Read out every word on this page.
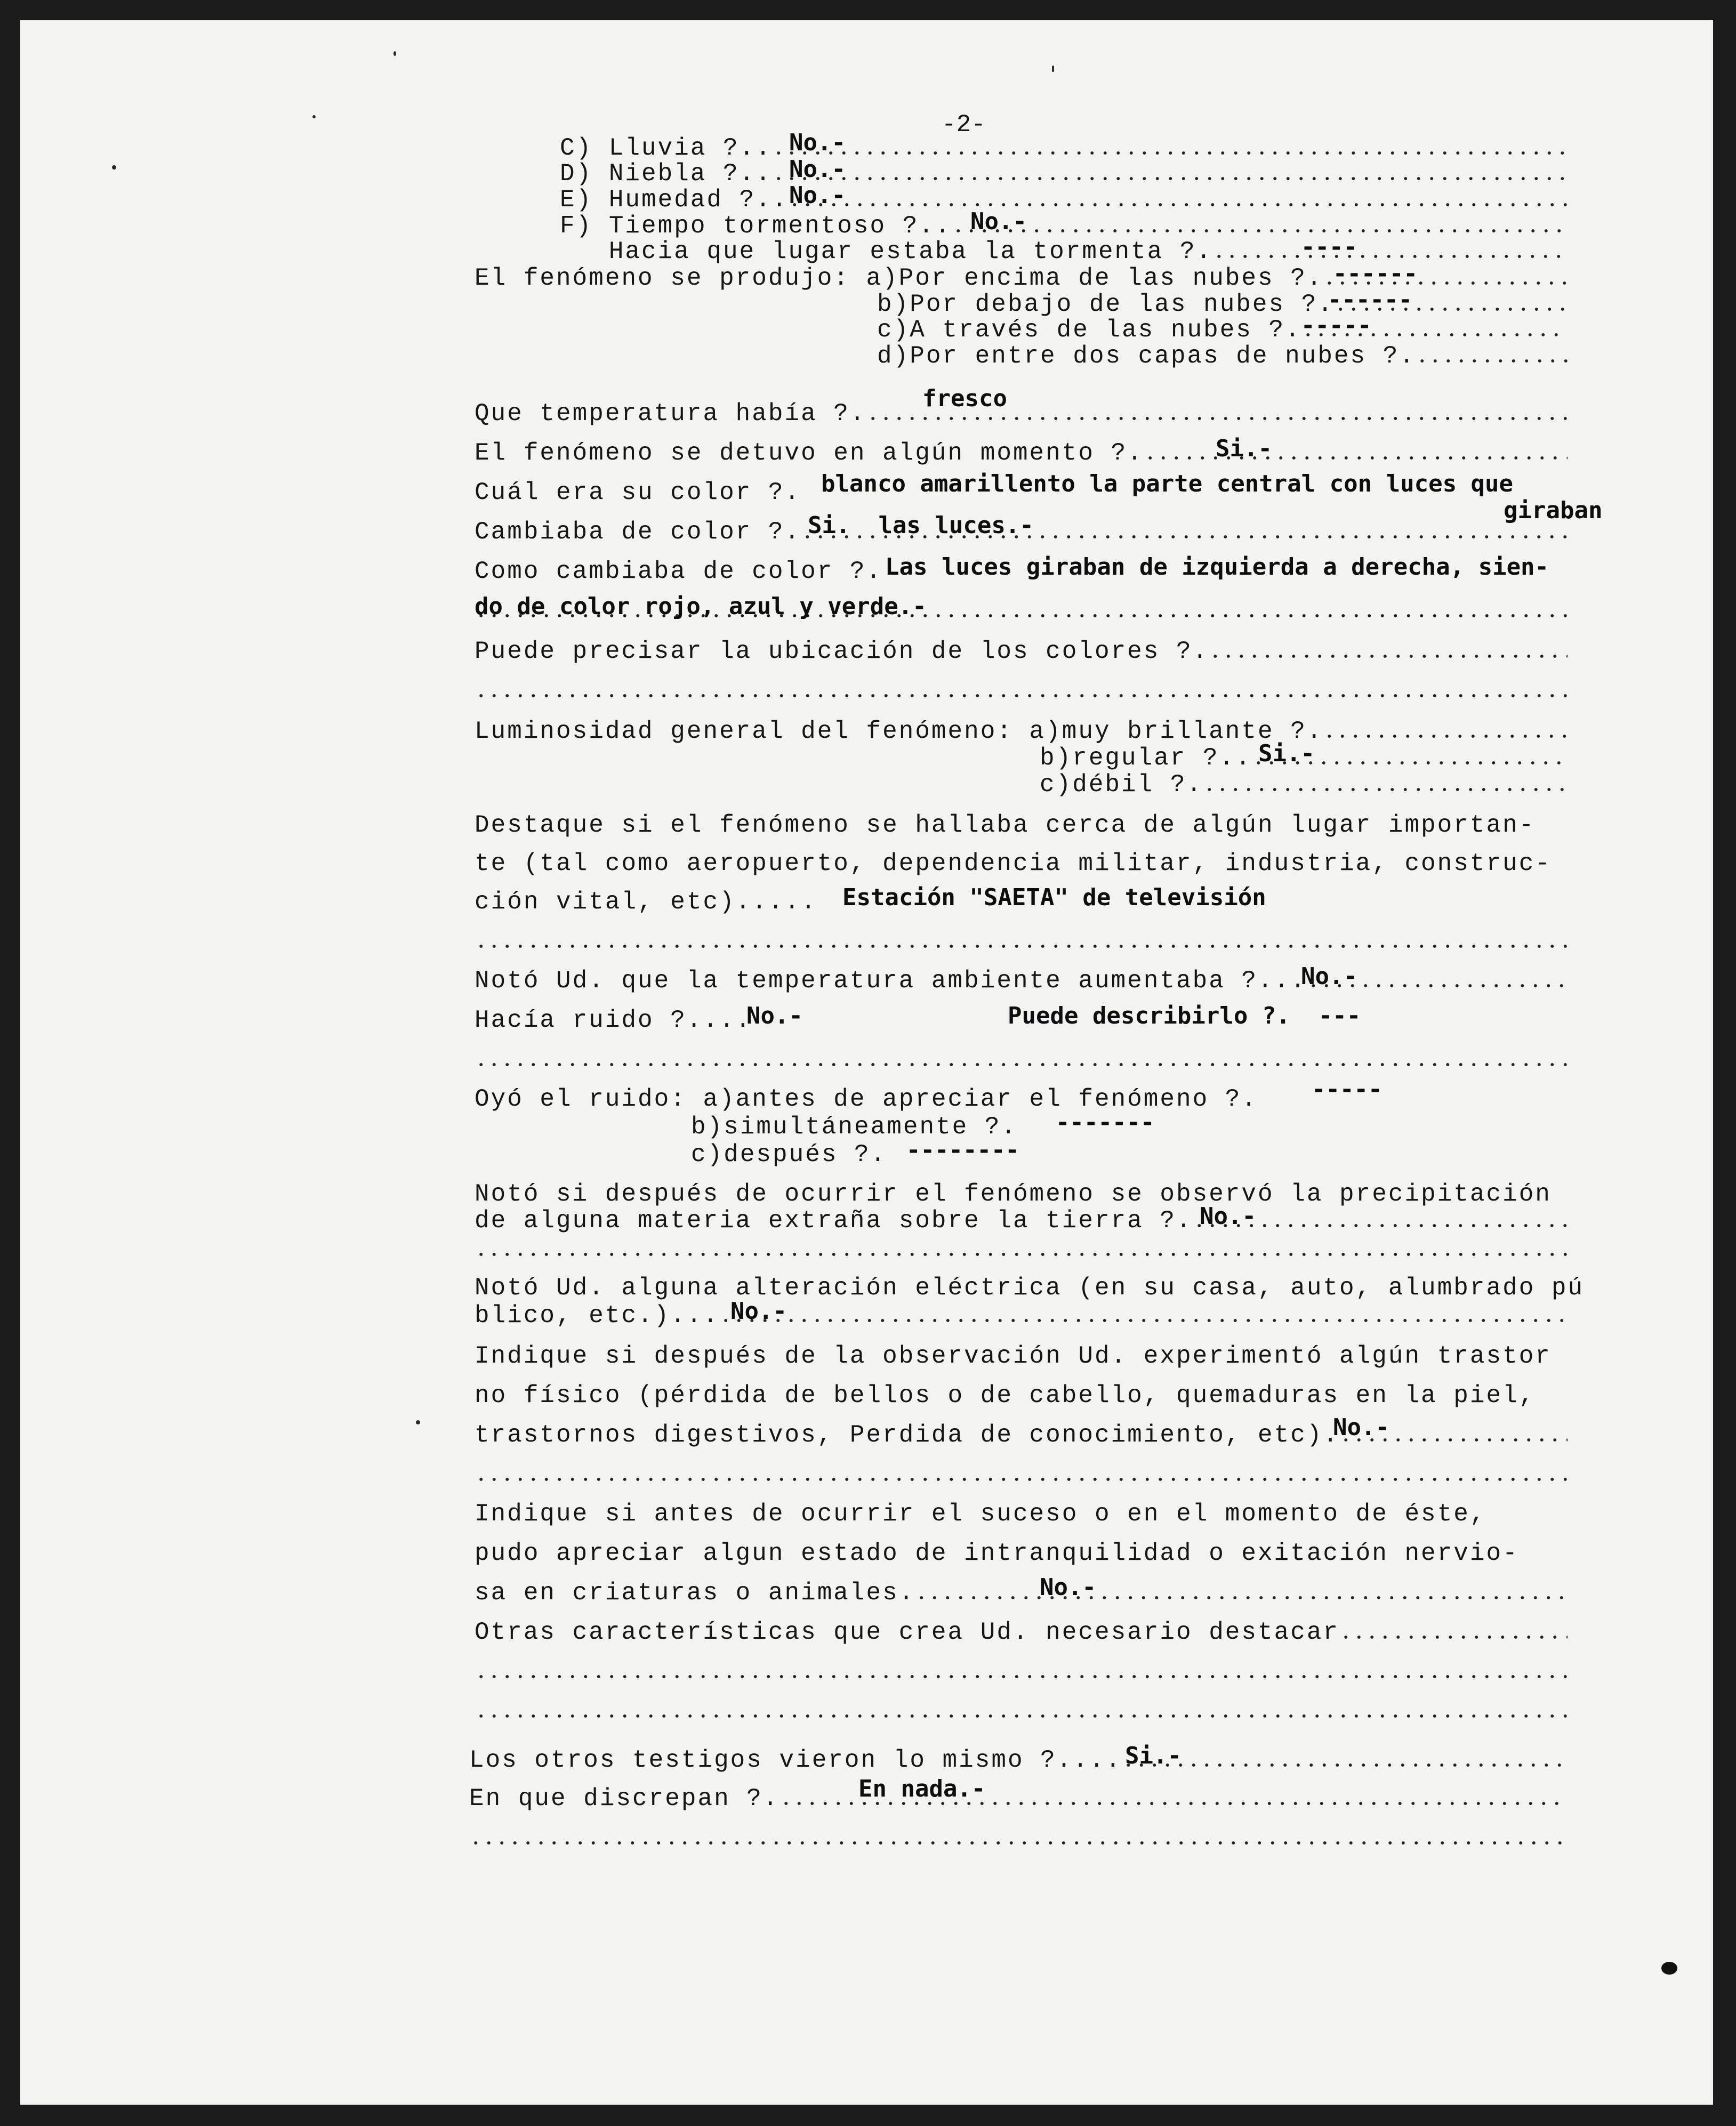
-2-
C) Lluvia ?..
D) Niebla ?..
E) Humedad ?..
F) Tiempo tormentoso ?..
Hacia que lugar estaba la tormenta ?.
El fenómeno se produjo: a)Por encima de las nubes ?.
b)Por debajo de las nubes ?.
c)A través de las nubes ?.
d)Por entre dos capas de nubes ?.
Que temperatura había ?.
El fenómeno se detuvo en algún momento ?.
Cuál era su color ?.
Cambiaba de color ?.
Como cambiaba de color ?.
Puede precisar la ubicación de los colores ?.
Luminosidad general del fenómeno: a)muy brillante ?.
b)regular ?..
c)débil ?.
Destaque si el fenómeno se hallaba cerca de algún lugar importan-
te (tal como aeropuerto, dependencia militar, industria, construc-
ción vital, etc).....
Notó Ud. que la temperatura ambiente aumentaba ?...
Hacía ruido ?....
Oyó el ruido: a)antes de apreciar el fenómeno ?.
b)simultáneamente ?.
c)después ?.
Notó si después de ocurrir el fenómeno se observó la precipitación
de alguna materia extraña sobre la tierra ?.
Notó Ud. alguna alteración eléctrica (en su casa, auto, alumbrado pú
blico, etc.)...
Indique si después de la observación Ud. experimentó algún trastor
no físico (pérdida de bellos o de cabello, quemaduras en la piel,
trastornos digestivos, Perdida de conocimiento, etc).
Indique si antes de ocurrir el suceso o en el momento de éste,
pudo apreciar algun estado de intranquilidad o exitación nervio-
sa en criaturas o animales.
Otras características que crea Ud. necesario destacar
Los otros testigos vieron lo mismo ?....
En que discrepan ?.
No.-
No.-
No.-
No.-
----
------
------
-----
fresco
Si.-
blanco amarillento la parte central con luces que
giraban
Si.  las luces.-
Las luces giraban de izquierda a derecha, sien-
do de color rojo, azul y verde.-
Si.-
Estación "SAETA" de televisión
No.-
No.-	Puede describirlo ?.  ---
-----
-------
--------
No.-
No.-
No.-
No.-
Si.-
En nada.-
